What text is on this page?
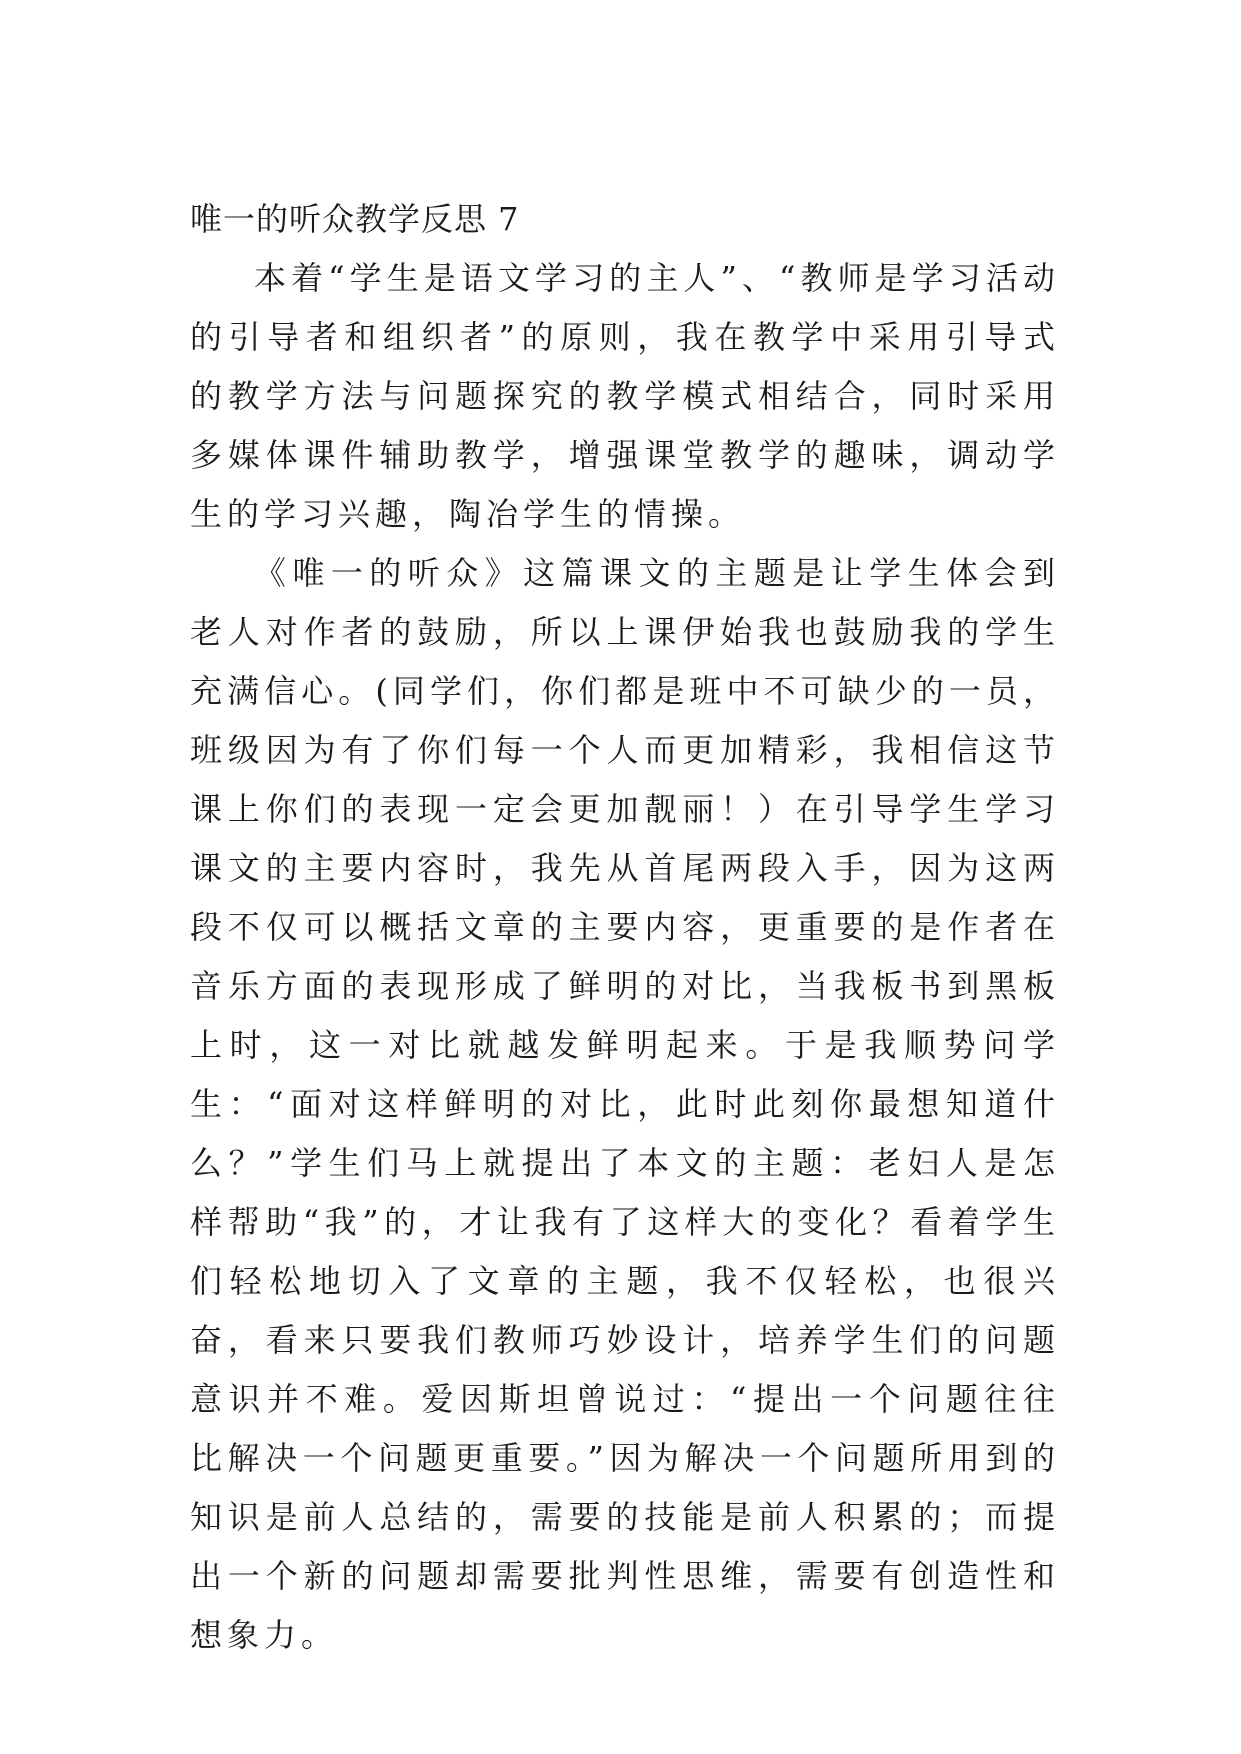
唯一的听众教学反思 7

本着“学生是语文学习的主人”、“教师是学习活动的引导者和组织者”的原则，我在教学中采用引导式的教学方法与问题探究的教学模式相结合，同时采用多媒体课件辅助教学，增强课堂教学的趣味，调动学生的学习兴趣，陶冶学生的情操。

《唯一的听众》这篇课文的主题是让学生体会到老人对作者的鼓励，所以上课伊始我也鼓励我的学生充满信心。(同学们，你们都是班中不可缺少的一员，班级因为有了你们每一个人而更加精彩，我相信这节课上你们的表现一定会更加靓丽！）在引导学生学习课文的主要内容时，我先从首尾两段入手，因为这两段不仅可以概括文章的主要内容，更重要的是作者在音乐方面的表现形成了鲜明的对比，当我板书到黑板上时，这一对比就越发鲜明起来。于是我顺势问学生：“面对这样鲜明的对比，此时此刻你最想知道什么？”学生们马上就提出了本文的主题：老妇人是怎样帮助“我”的，才让我有了这样大的变化？看着学生们轻松地切入了文章的主题，我不仅轻松，也很兴奋，看来只要我们教师巧妙设计，培养学生们的问题意识并不难。爱因斯坦曾说过：“提出一个问题往往比解决一个问题更重要。”因为解决一个问题所用到的知识是前人总结的，需要的技能是前人积累的；而提出一个新的问题却需要批判性思维，需要有创造性和想象力。
